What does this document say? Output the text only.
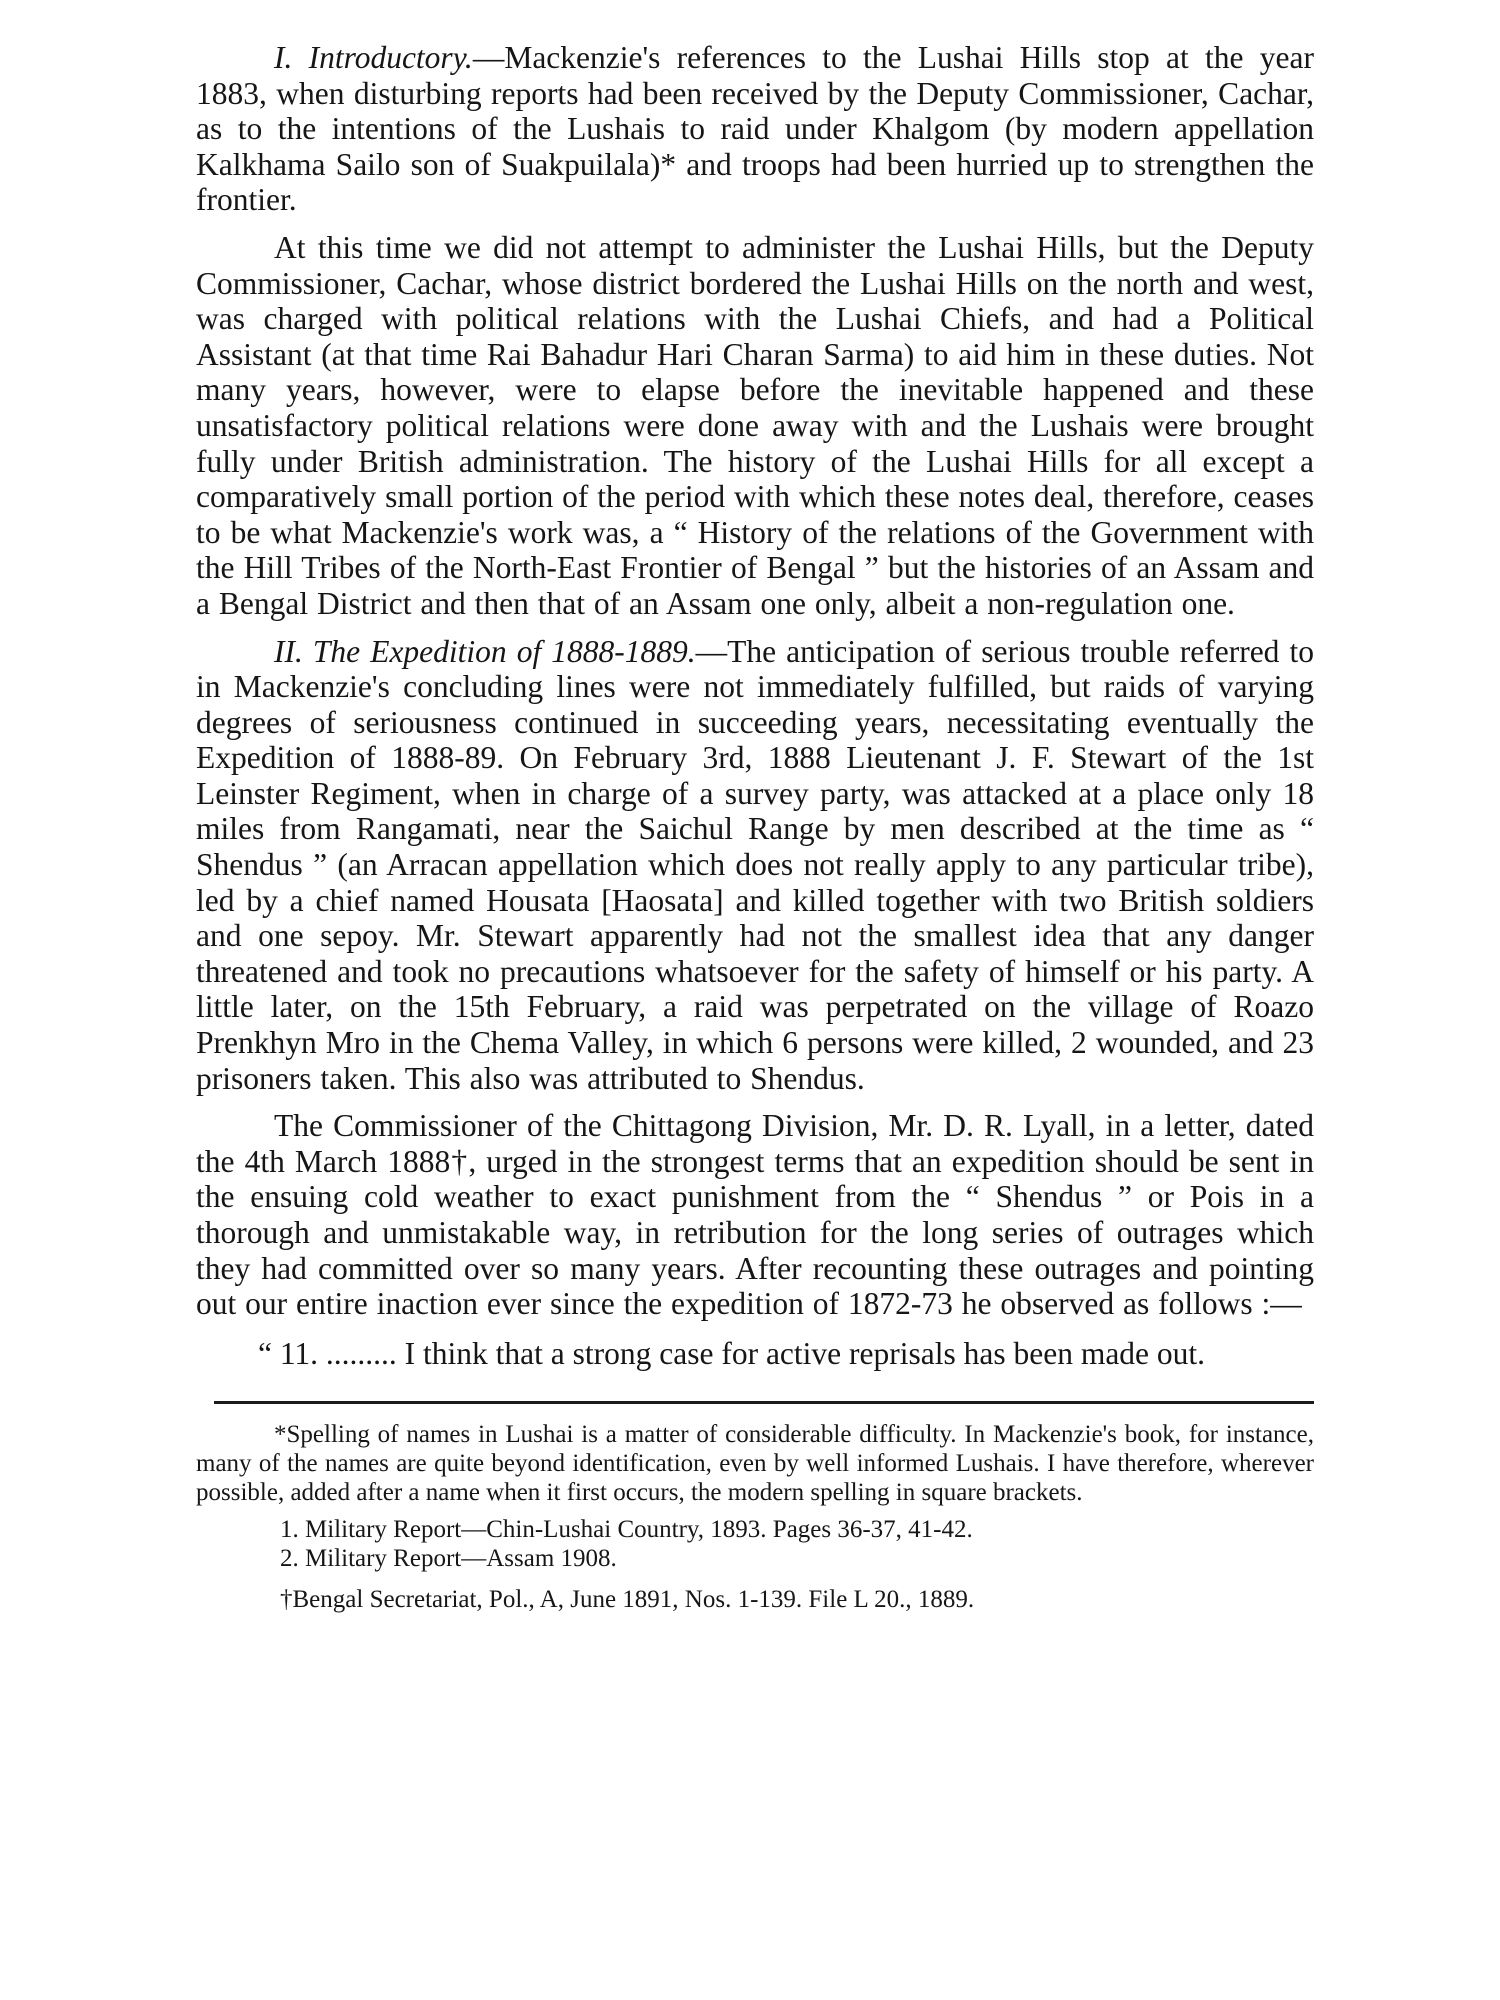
I. Introductory.—Mackenzie's references to the Lushai Hills stop at the year 1883, when disturbing reports had been received by the Deputy Commissioner, Cachar, as to the intentions of the Lushais to raid under Khalgom (by modern appellation Kalkhama Sailo son of Suakpuilala)* and troops had been hurried up to strengthen the frontier.

At this time we did not attempt to administer the Lushai Hills, but the Deputy Commissioner, Cachar, whose district bordered the Lushai Hills on the north and west, was charged with political relations with the Lushai Chiefs, and had a Political Assistant (at that time Rai Bahadur Hari Charan Sarma) to aid him in these duties. Not many years, however, were to elapse before the inevitable happened and these unsatisfactory political relations were done away with and the Lushais were brought fully under British administration. The history of the Lushai Hills for all except a comparatively small portion of the period with which these notes deal, therefore, ceases to be what Mackenzie's work was, a “ History of the relations of the Government with the Hill Tribes of the North-East Frontier of Bengal ” but the histories of an Assam and a Bengal District and then that of an Assam one only, albeit a non-regulation one.

II. The Expedition of 1888-1889.—The anticipation of serious trouble referred to in Mackenzie's concluding lines were not immediately fulfilled, but raids of varying degrees of seriousness continued in succeeding years, necessitating eventually the Expedition of 1888-89. On February 3rd, 1888 Lieutenant J. F. Stewart of the 1st Leinster Regiment, when in charge of a survey party, was attacked at a place only 18 miles from Rangamati, near the Saichul Range by men described at the time as “ Shendus ” (an Arracan appellation which does not really apply to any particular tribe), led by a chief named Housata [Haosata] and killed together with two British soldiers and one sepoy. Mr. Stewart apparently had not the smallest idea that any danger threatened and took no precautions whatsoever for the safety of himself or his party. A little later, on the 15th February, a raid was perpetrated on the village of Roazo Prenkhyn Mro in the Chema Valley, in which 6 persons were killed, 2 wounded, and 23 prisoners taken. This also was attributed to Shendus.

The Commissioner of the Chittagong Division, Mr. D. R. Lyall, in a letter, dated the 4th March 1888†, urged in the strongest terms that an expedition should be sent in the ensuing cold weather to exact punishment from the “ Shendus ” or Pois in a thorough and unmistakable way, in retribution for the long series of outrages which they had committed over so many years. After recounting these outrages and pointing out our entire inaction ever since the expedition of 1872-73 he observed as follows :—

“ 11. ......... I think that a strong case for active reprisals has been made out.

*Spelling of names in Lushai is a matter of considerable difficulty. In Mackenzie's book, for instance, many of the names are quite beyond identification, even by well informed Lushais. I have therefore, wherever possible, added after a name when it first occurs, the modern spelling in square brackets.

1. Military Report—Chin-Lushai Country, 1893. Pages 36-37, 41-42.

2. Military Report—Assam 1908.

†Bengal Secretariat, Pol., A, June 1891, Nos. 1-139. File L 20., 1889.
